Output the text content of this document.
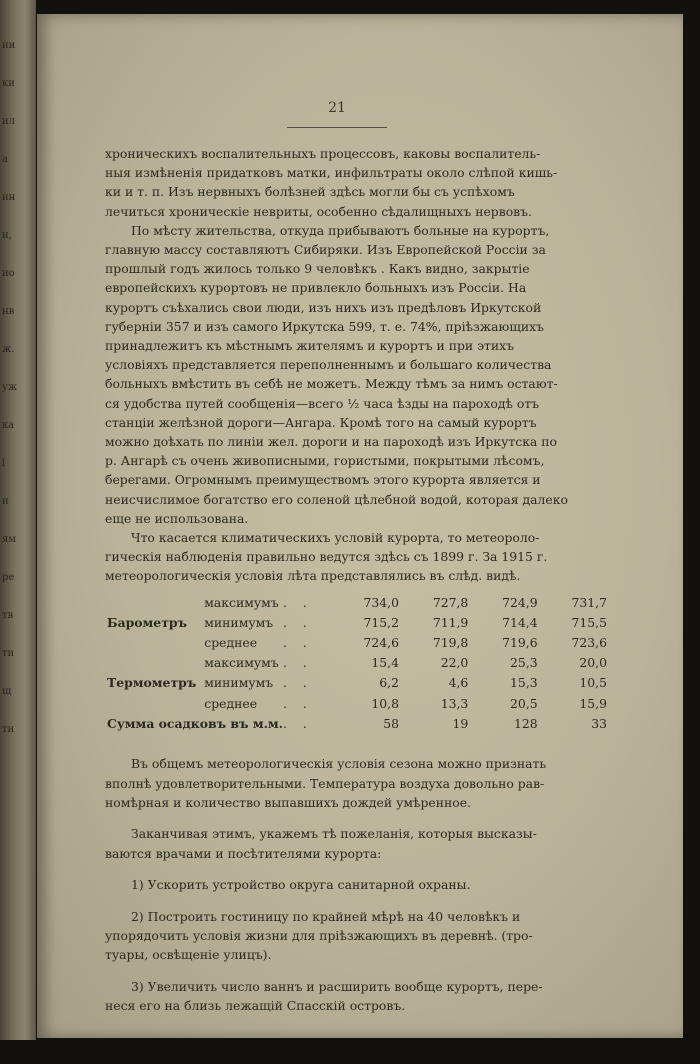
ии
ки
ил
а
ин
и,
ио
нв
ж.
уж
ка
l
и
ям
ре
тв
ти
щ
ти
21

хроническихъ воспалительныхъ процессовъ, каковы воспалитель-
ныя измѣненія придатковъ матки, инфильтраты около слѣпой кишь-
ки и т. п. Изъ нервныхъ болѣзней здѣсь могли бы съ успѣхомъ
лечиться хроническіе невриты, особенно сѣдалищныхъ нервовъ.

По мѣсту жительства, откуда прибываютъ больные на курортъ,
главную массу составляютъ Сибиряки. Изъ Европейской Россіи за
прошлый годъ жилось только 9 человѣкъ . Какъ видно, закрытіе
европейскихъ курортовъ не привлекло больныхъ изъ Россіи. На
курортъ съѣхались свои люди, изъ нихъ изъ предѣловъ Иркутской
губерніи 357 и изъ самого Иркутска 599, т. е. 74%, пріѣзжающихъ
принадлежитъ къ мѣстнымъ жителямъ и курортъ и при этихъ
условіяхъ представляется переполненнымъ и большаго количества
больныхъ вмѣстить въ себѣ не можетъ. Между тѣмъ за нимъ остают-
ся удобства путей сообщенія—всего ½ часа ѣзды на пароходѣ отъ
станціи желѣзной дороги—Ангара. Кромѣ того на самый курортъ
можно доѣхать по линіи жел. дороги и на пароходѣ изъ Иркутска по
р. Ангарѣ съ очень живописными, гористыми, покрытыми лѣсомъ,
берегами. Огромнымъ преимуществомъ этого курорта является и
неисчислимое богатство его соленой цѣлебной водой, которая далеко
еще не использована.

Что касается климатическихъ условій курорта, то метеороло-
гическія наблюденія правильно ведутся здѣсь съ 1899 г. За 1915 г.
метеорологическія условія лѣта представлялись въ слѣд. видѣ.

	максимумъ	. .	734,0	727,8	724,9	731,7
Барометръ	минимумъ	. .	715,2	711,9	714,4	715,5
	среднее	. .	724,6	719,8	719,6	723,6
	максимумъ	. .	15,4	22,0	25,3	20,0
Термометръ	минимумъ	. .	6,2	4,6	15,3	10,5
	среднее	. .	10,8	13,3	20,5	15,9
Сумма осадковъ въ м.м.		. .	58	19	128	33

Въ общемъ метеорологическія условія сезона можно признать
вполнѣ удовлетворительными. Температура воздуха довольно рав-
номѣрная и количество выпавшихъ дождей умѣренное.

Заканчивая этимъ, укажемъ тѣ пожеланія, которыя высказы-
ваются врачами и посѣтителями курорта:

1) Ускорить устройство округа санитарной охраны.

2) Построить гостиницу по крайней мѣрѣ на 40 человѣкъ и
упорядочить условія жизни для пріѣзжающихъ въ деревнѣ. (тро-
туары, освѣщеніе улицъ).

3) Увеличить число ваннъ и расширить вообще курортъ, пере-
неся его на близь лежащій Спасскій островъ.
